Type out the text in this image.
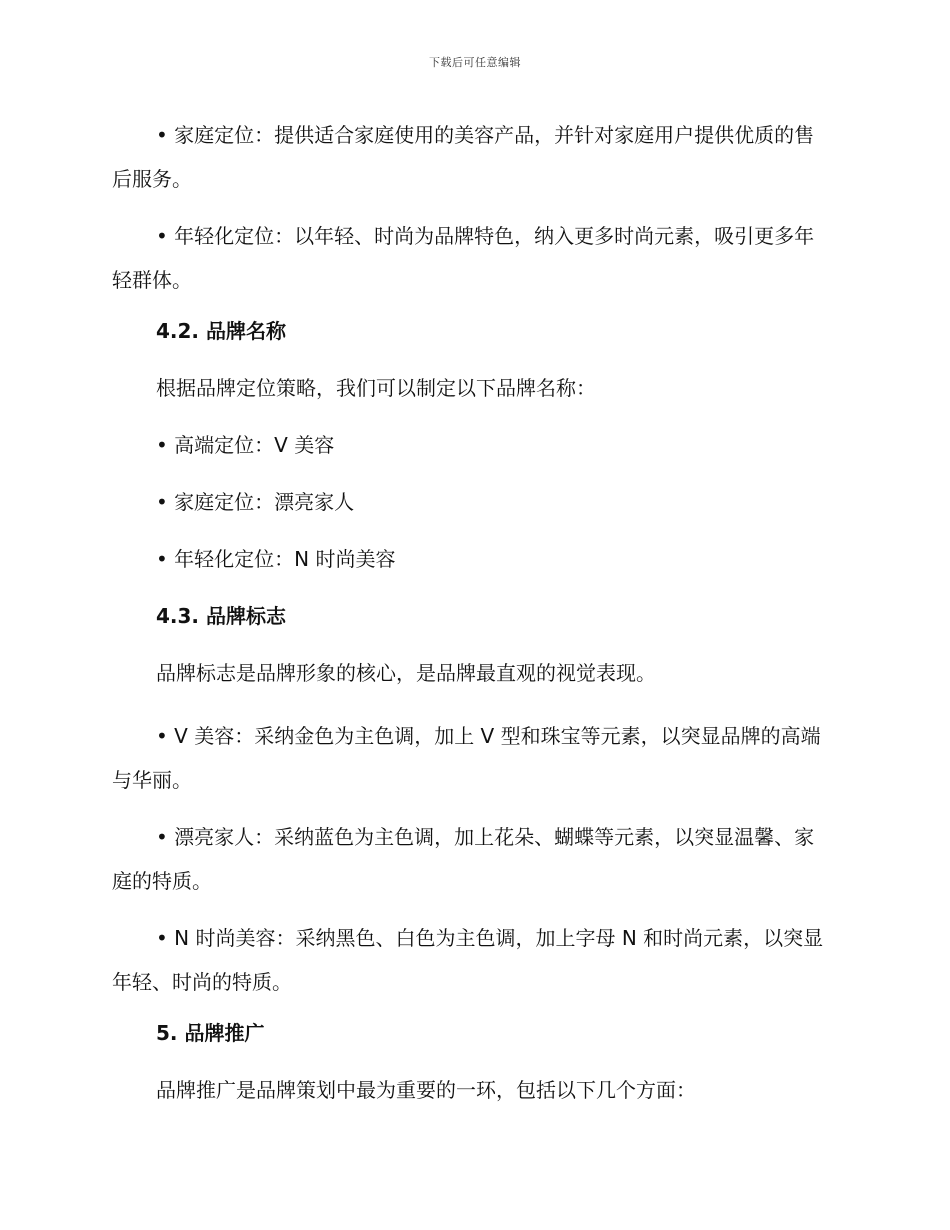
下载后可任意编辑

• 家庭定位：提供适合家庭使用的美容产品，并针对家庭用户提供优质的售后服务。

• 年轻化定位：以年轻、时尚为品牌特色，纳入更多时尚元素，吸引更多年轻群体。

4.2. 品牌名称

根据品牌定位策略，我们可以制定以下品牌名称：

• 高端定位：V 美容

• 家庭定位：漂亮家人

• 年轻化定位：N 时尚美容

4.3. 品牌标志

品牌标志是品牌形象的核心，是品牌最直观的视觉表现。

• V 美容：采纳金色为主色调，加上 V 型和珠宝等元素，以突显品牌的高端与华丽。

• 漂亮家人：采纳蓝色为主色调，加上花朵、蝴蝶等元素，以突显温馨、家庭的特质。

• N 时尚美容：采纳黑色、白色为主色调，加上字母 N 和时尚元素，以突显年轻、时尚的特质。

5. 品牌推广

品牌推广是品牌策划中最为重要的一环，包括以下几个方面：
